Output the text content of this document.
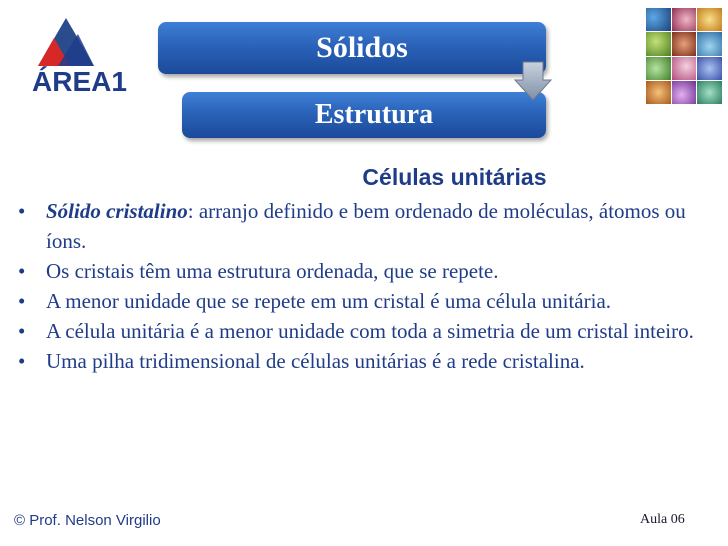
ÁREA1
Sólidos
Estrutura
Células unitárias
• Sólido cristalino: arranjo definido e bem ordenado de moléculas, átomos ou íons.
• Os cristais têm uma estrutura ordenada, que se repete.
• A menor unidade que se repete em um cristal é uma célula unitária.
• A célula unitária é a menor unidade com toda a simetria de um cristal inteiro.
• Uma pilha tridimensional de células unitárias é a rede cristalina.
© Prof. Nelson Virgilio	Aula 06
